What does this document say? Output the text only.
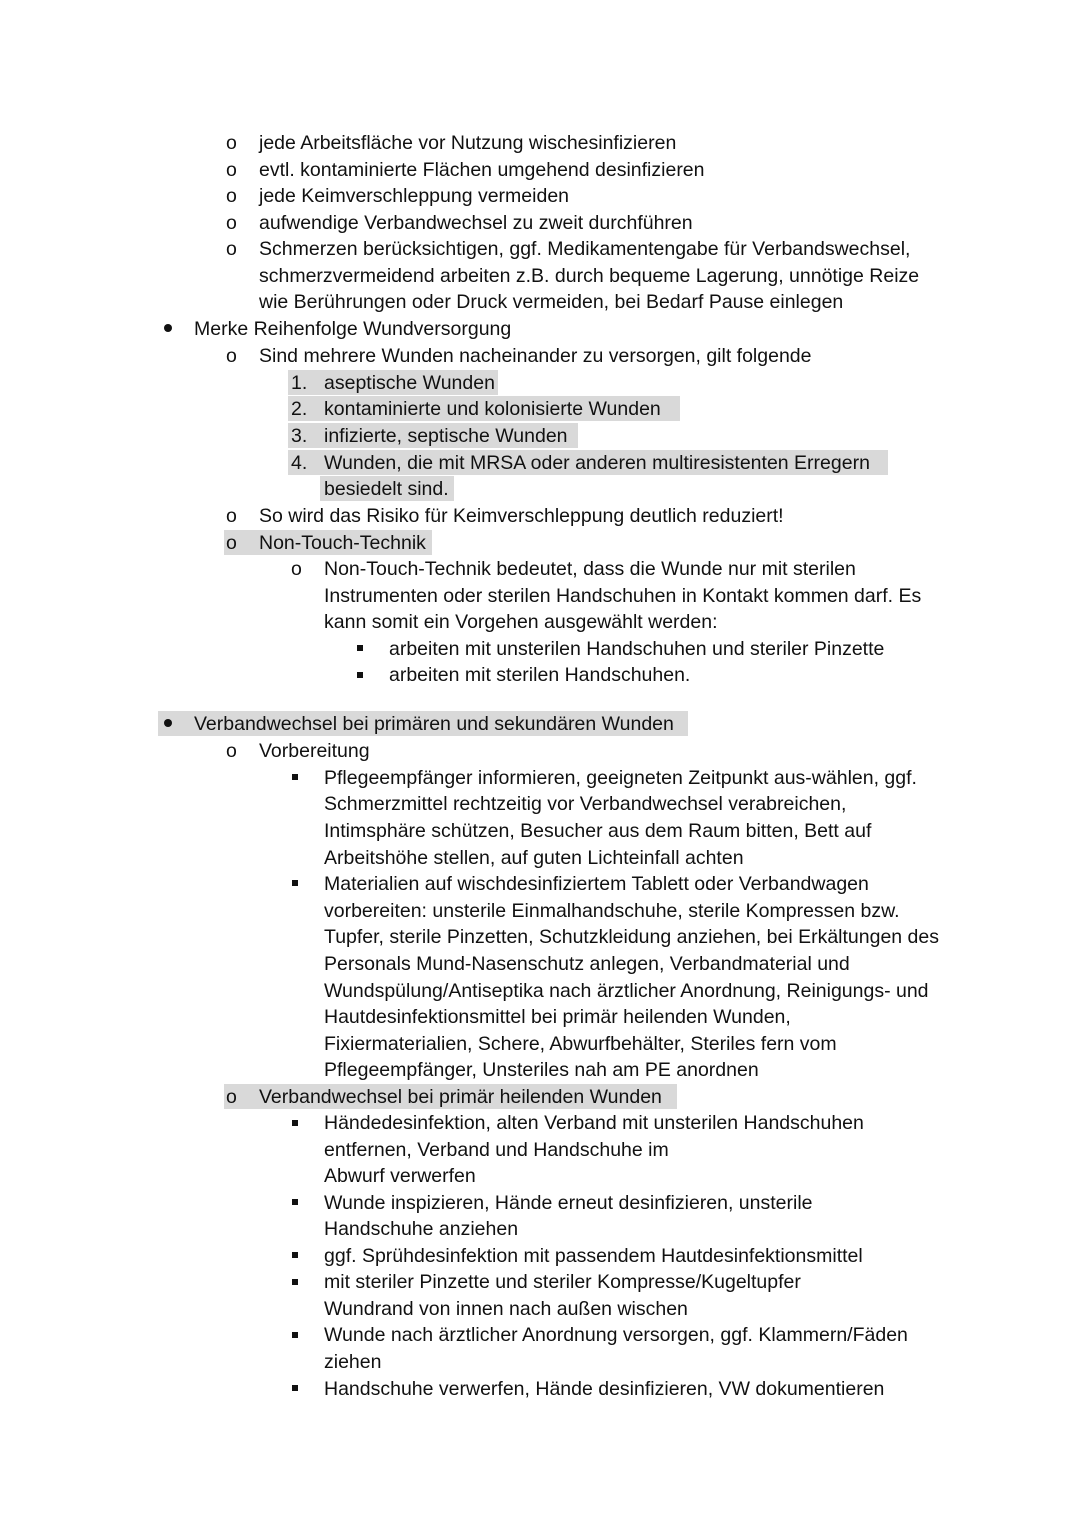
o jede Arbeitsfläche vor Nutzung wischesinfizieren
o evtl. kontaminierte Flächen umgehend desinfizieren
o jede Keimverschleppung vermeiden
o aufwendige Verbandwechsel zu zweit durchführen
o Schmerzen berücksichtigen, ggf. Medikamentengabe für Verbandswechsel,
schmerzvermeidend arbeiten z.B. durch bequeme Lagerung, unnötige Reize
wie Berührungen oder Druck vermeiden, bei Bedarf Pause einlegen
Merke Reihenfolge Wundversorgung
o Sind mehrere Wunden nacheinander zu versorgen, gilt folgende
1. aseptische Wunden
2. kontaminierte und kolonisierte Wunden
3. infizierte, septische Wunden
4. Wunden, die mit MRSA oder anderen multiresistenten Erregern
besiedelt sind.
o So wird das Risiko für Keimverschleppung deutlich reduziert!
o Non-Touch-Technik
o Non-Touch-Technik bedeutet, dass die Wunde nur mit sterilen
Instrumenten oder sterilen Handschuhen in Kontakt kommen darf. Es
kann somit ein Vorgehen ausgewählt werden:
arbeiten mit unsterilen Handschuhen und steriler Pinzette
arbeiten mit sterilen Handschuhen.
Verbandwechsel bei primären und sekundären Wunden
o Vorbereitung
Pflegeempfänger informieren, geeigneten Zeitpunkt aus-wählen, ggf.
Schmerzmittel rechtzeitig vor Verbandwechsel verabreichen,
Intimsphäre schützen, Besucher aus dem Raum bitten, Bett auf
Arbeitshöhe stellen, auf guten Lichteinfall achten
Materialien auf wischdesinfiziertem Tablett oder Verbandwagen
vorbereiten: unsterile Einmalhandschuhe, sterile Kompressen bzw.
Tupfer, sterile Pinzetten, Schutzkleidung anziehen, bei Erkältungen des
Personals Mund-Nasenschutz anlegen, Verbandmaterial und
Wundspülung/Antiseptika nach ärztlicher Anordnung, Reinigungs- und
Hautdesinfektionsmittel bei primär heilenden Wunden,
Fixiermaterialien, Schere, Abwurfbehälter, Steriles fern vom
Pflegeempfänger, Unsteriles nah am PE anordnen
o Verbandwechsel bei primär heilenden Wunden
Händedesinfektion, alten Verband mit unsterilen Handschuhen
entfernen, Verband und Handschuhe im
Abwurf verwerfen
Wunde inspizieren, Hände erneut desinfizieren, unsterile
Handschuhe anziehen
ggf. Sprühdesinfektion mit passendem Hautdesinfektionsmittel
mit steriler Pinzette und steriler Kompresse/Kugeltupfer
Wundrand von innen nach außen wischen
Wunde nach ärztlicher Anordnung versorgen, ggf. Klammern/Fäden
ziehen
Handschuhe verwerfen, Hände desinfizieren, VW dokumentieren
